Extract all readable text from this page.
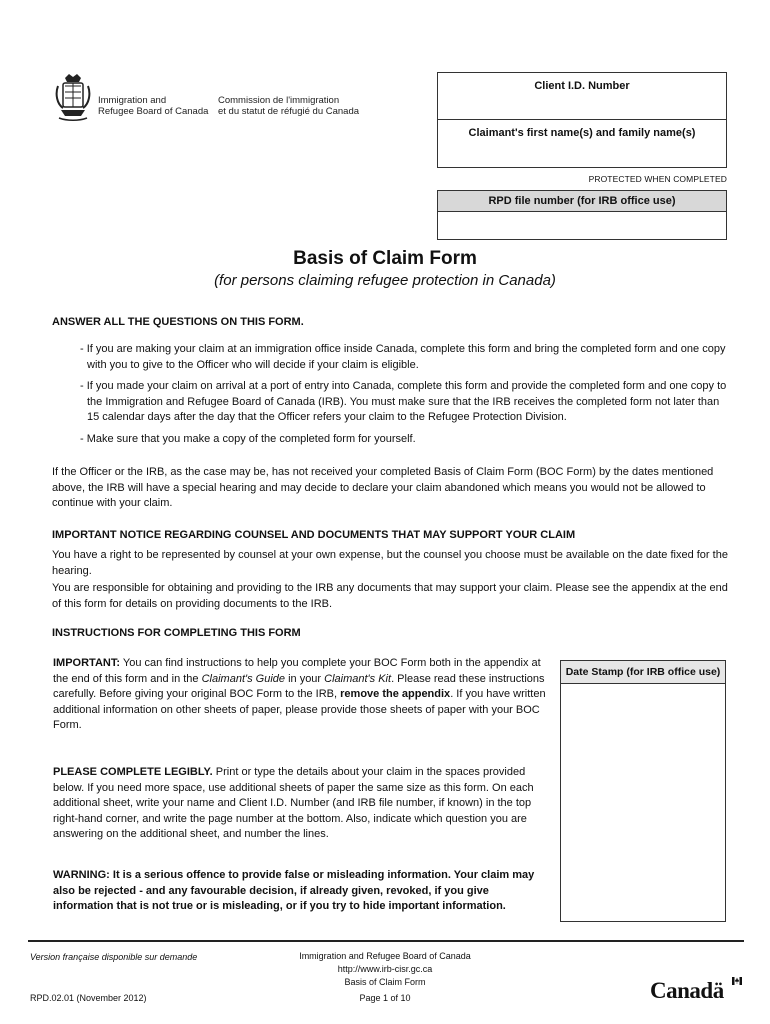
Immigration and
Refugee Board of Canada
Commission de l'immigration
et du statut de réfugié du Canada
Client I.D. Number
Claimant's first name(s) and family name(s)
PROTECTED WHEN COMPLETED
RPD file number (for IRB office use)
Basis of Claim Form
(for persons claiming refugee protection in Canada)
ANSWER ALL THE QUESTIONS ON THIS FORM.
- If you are making your claim at an immigration office inside Canada, complete this form and bring the completed form and one copy with you to give to the Officer who will decide if your claim is eligible.
- If you made your claim on arrival at a port of entry into Canada, complete this form and provide the completed form and one copy to the Immigration and Refugee Board of Canada (IRB). You must make sure that the IRB receives the completed form not later than 15 calendar days after the day that the Officer refers your claim to the Refugee Protection Division.
- Make sure that you make a copy of the completed form for yourself.
If the Officer or the IRB, as the case may be, has not received your completed Basis of Claim Form (BOC Form) by the dates mentioned above, the IRB will have a special hearing and may decide to declare your claim abandoned which means you would not be allowed to continue with your claim.
IMPORTANT NOTICE REGARDING COUNSEL AND DOCUMENTS THAT MAY SUPPORT YOUR CLAIM
You have a right to be represented by counsel at your own expense, but the counsel you choose must be available on the date fixed for the hearing.
You are responsible for obtaining and providing to the IRB any documents that may support your claim. Please see the appendix at the end of this form for details on providing documents to the IRB.
INSTRUCTIONS FOR COMPLETING THIS FORM
IMPORTANT: You can find instructions to help you complete your BOC Form both in the appendix at the end of this form and in the Claimant's Guide in your Claimant's Kit. Please read these instructions carefully. Before giving your original BOC Form to the IRB, remove the appendix. If you have written additional information on other sheets of paper, please provide those sheets of paper with your BOC Form.
PLEASE COMPLETE LEGIBLY. Print or type the details about your claim in the spaces provided below. If you need more space, use additional sheets of paper the same size as this form. On each additional sheet, write your name and Client I.D. Number (and IRB file number, if known) in the top right-hand corner, and write the page number at the bottom. Also, indicate which question you are answering on the additional sheet, and number the lines.
WARNING: It is a serious offence to provide false or misleading information. Your claim may also be rejected - and any favourable decision, if already given, revoked, if you give information that is not true or is misleading, or if you try to hide important information.
Date Stamp (for IRB office use)
Version française disponible sur demande	Immigration and Refugee Board of Canada
http://www.irb-cisr.gc.ca
Basis of Claim Form
RPD.02.01 (November 2012)	Page 1 of 10	Canadä
